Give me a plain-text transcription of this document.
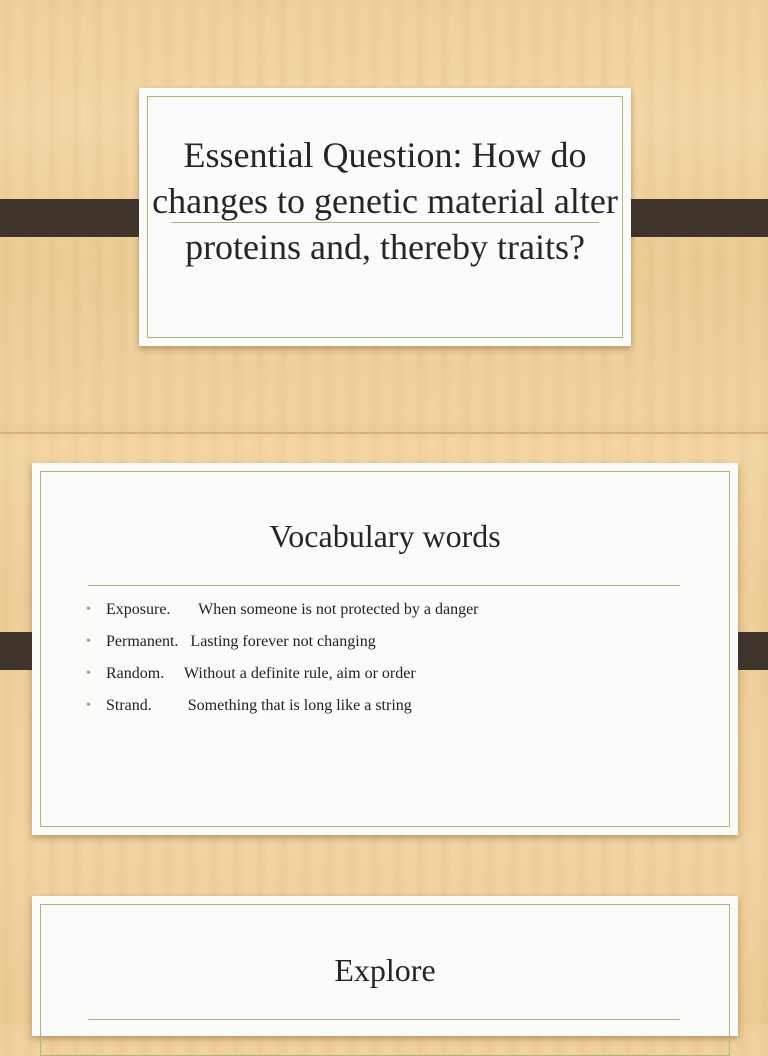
Essential Question: How do changes to genetic material alter proteins and, thereby traits?
Vocabulary words
• Exposure.       When someone is not protected by a danger
• Permanent.   Lasting forever not changing
• Random.     Without a definite rule, aim or order
• Strand.         Something that is long like a string
Explore
